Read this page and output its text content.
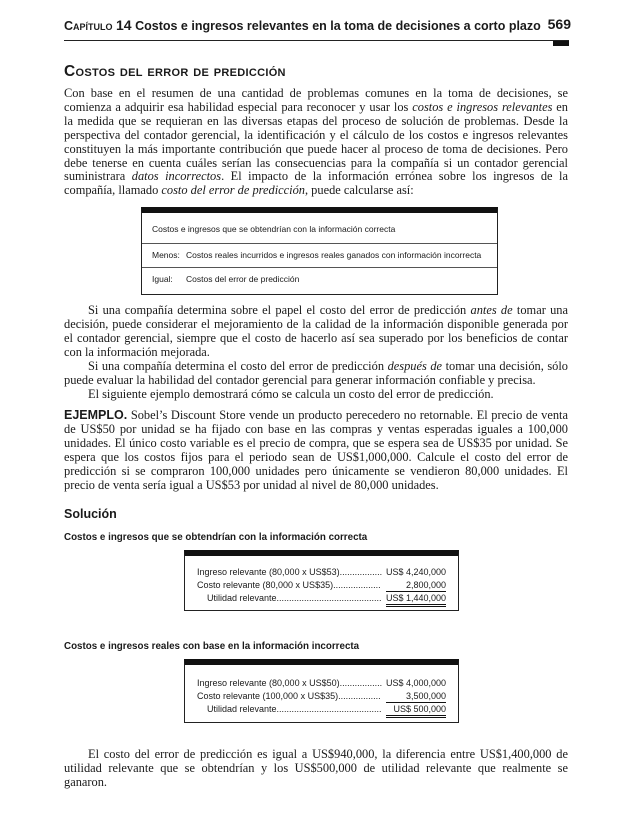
Capítulo 14 Costos e ingresos relevantes en la toma de decisiones a corto plazo 569
Costos del error de predicción

Con base en el resumen de una cantidad de problemas comunes en la toma de decisiones, se comienza a adquirir esa habilidad especial para reconocer y usar los costos e ingresos relevantes en la medida que se requieran en las diversas etapas del proceso de solución de problemas. Desde la perspectiva del contador gerencial, la identificación y el cálculo de los costos e ingresos relevantes constituyen la más importante contribución que puede hacer al proceso de toma de decisiones. Pero debe tenerse en cuenta cuáles serían las consecuencias para la compañía si un contador gerencial suministrara datos incorrectos. El impacto de la información errónea sobre los ingresos de la compañía, llamado costo del error de predicción, puede calcularse así:

Costos e ingresos que se obtendrían con la información correcta
Menos: Costos reales incurridos e ingresos reales ganados con información incorrecta
Igual: Costos del error de predicción

Si una compañía determina sobre el papel el costo del error de predicción antes de tomar una decisión, puede considerar el mejoramiento de la calidad de la información disponible generada por el contador gerencial, siempre que el costo de hacerlo así sea superado por los beneficios de contar con la información mejorada.

Si una compañía determina el costo del error de predicción después de tomar una decisión, sólo puede evaluar la habilidad del contador gerencial para generar información confiable y precisa.

El siguiente ejemplo demostrará cómo se calcula un costo del error de predicción.

EJEMPLO. Sobel’s Discount Store vende un producto perecedero no retornable. El precio de venta de US$50 por unidad se ha fijado con base en las compras y ventas esperadas iguales a 100,000 unidades. El único costo variable es el precio de compra, que se espera sea de US$35 por unidad. Se espera que los costos fijos para el periodo sean de US$1,000,000. Calcule el costo del error de predicción si se compraron 100,000 unidades pero únicamente se vendieron 80,000 unidades. El precio de venta sería igual a US$53 por unidad al nivel de 80,000 unidades.

Solución
Costos e ingresos que se obtendrían con la información correcta
Ingreso relevante (80,000 x US$53)................. US$ 4,240,000
Costo relevante (80,000 x US$35)...................	2,800,000
Utilidad relevante.......................................... US$ 1,440,000
Costos e ingresos reales con base en la información incorrecta
Ingreso relevante (80,000 x US$50)................. US$ 4,000,000
Costo relevante (100,000 x US$35).................	3,500,000
Utilidad relevante..........................................	US$ 500,000

El costo del error de predicción es igual a US$940,000, la diferencia entre US$1,400,000 de utilidad relevante que se obtendrían y los US$500,000 de utilidad relevante que realmente se ganaron.
